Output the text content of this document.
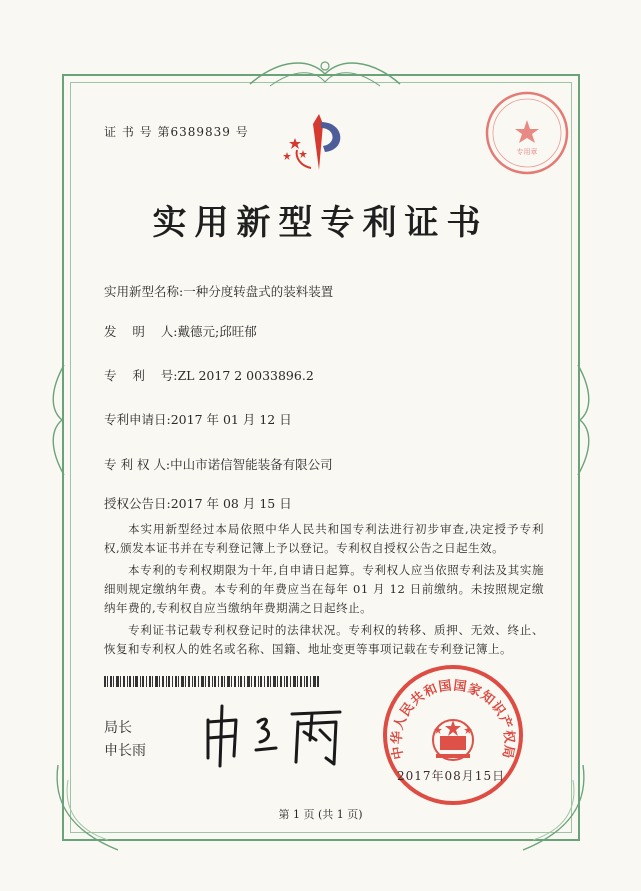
证 书 号 第6389839 号
专用章
实用新型专利证书
实用新型名称:一种分度转盘式的装料装置
发    明    人:戴德元;邱旺郁
专    利    号:ZL 2017 2 0033896.2
专利申请日:2017 年 01 月 12 日
专 利 权 人:中山市诺信智能装备有限公司
授权公告日:2017 年 08 月 15 日

本实用新型经过本局依照中华人民共和国专利法进行初步审查,决定授予专利权,颁发本证书并在专利登记簿上予以登记。专利权自授权公告之日起生效。

本专利的专利权期限为十年,自申请日起算。专利权人应当依照专利法及其实施细则规定缴纳年费。本专利的年费应当在每年 01 月 12 日前缴纳。未按照规定缴纳年费的,专利权自应当缴纳年费期满之日起终止。

专利证书记载专利权登记时的法律状况。专利权的转移、质押、无效、终止、恢复和专利权人的姓名或名称、国籍、地址变更等事项记载在专利登记簿上。

局长
申长雨	中华人民共和国国家知识产权局
2017年08月15日
第 1 页 (共 1 页)
